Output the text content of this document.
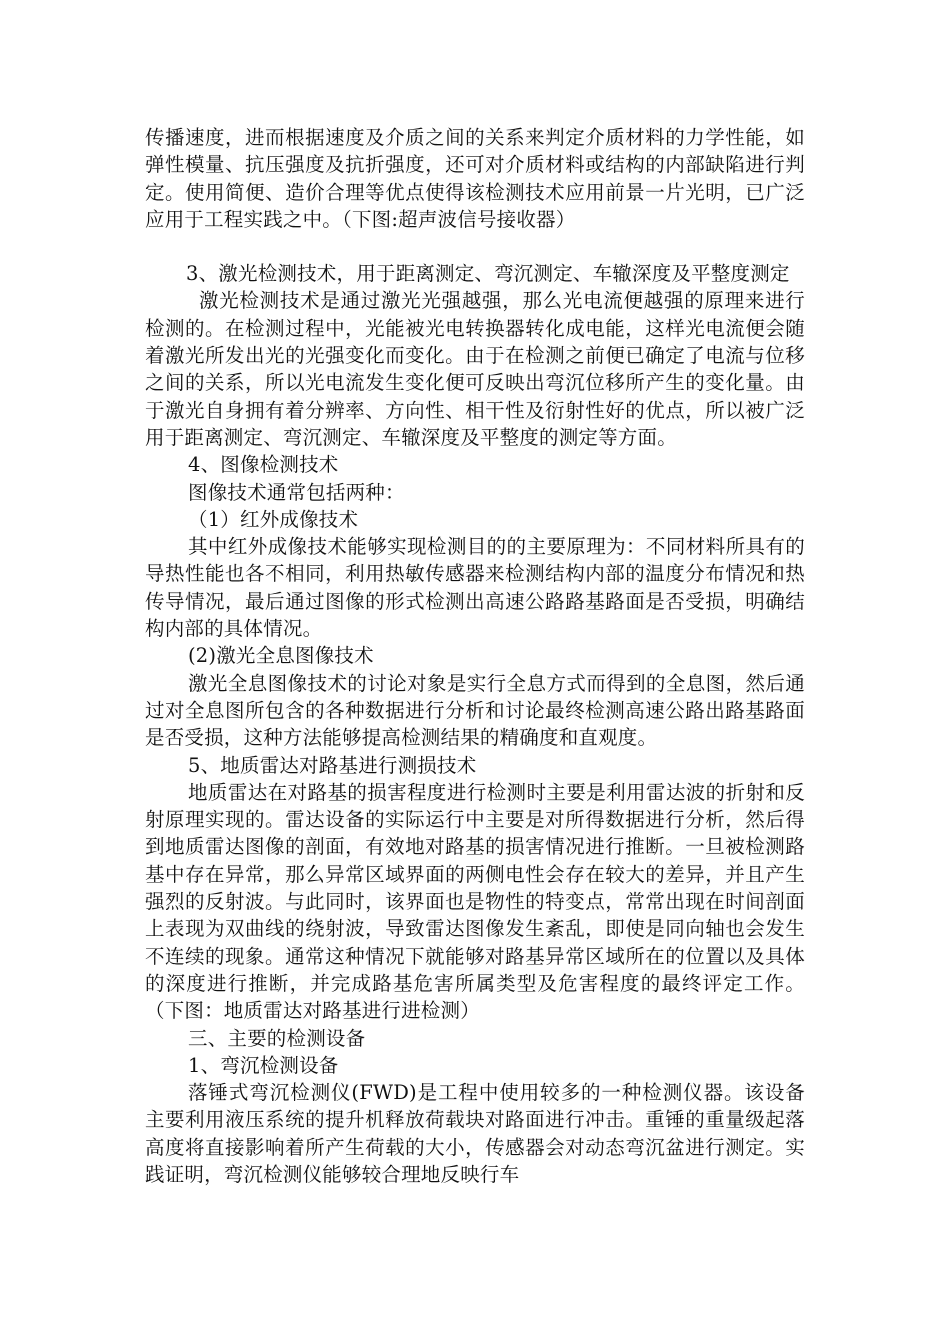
传播速度，进而根据速度及介质之间的关系来判定介质材料的力学性能，如弹性模量、抗压强度及抗折强度，还可对介质材料或结构的内部缺陷进行判定。使用简便、造价合理等优点使得该检测技术应用前景一片光明，已广泛应用于工程实践之中。（下图:超声波信号接收器）

3、激光检测技术，用于距离测定、弯沉测定、车辙深度及平整度测定

激光检测技术是通过激光光强越强，那么光电流便越强的原理来进行检测的。在检测过程中，光能被光电转换器转化成电能，这样光电流便会随着激光所发出光的光强变化而变化。由于在检测之前便已确定了电流与位移之间的关系，所以光电流发生变化便可反映出弯沉位移所产生的变化量。由于激光自身拥有着分辨率、方向性、相干性及衍射性好的优点，所以被广泛用于距离测定、弯沉测定、车辙深度及平整度的测定等方面。

4、图像检测技术

图像技术通常包括两种：

（1）红外成像技术

其中红外成像技术能够实现检测目的的主要原理为：不同材料所具有的导热性能也各不相同，利用热敏传感器来检测结构内部的温度分布情况和热传导情况，最后通过图像的形式检测出高速公路路基路面是否受损，明确结构内部的具体情况。

(2)激光全息图像技术

激光全息图像技术的讨论对象是实行全息方式而得到的全息图，然后通过对全息图所包含的各种数据进行分析和讨论最终检测高速公路出路基路面是否受损，这种方法能够提高检测结果的精确度和直观度。

5、地质雷达对路基进行测损技术

地质雷达在对路基的损害程度进行检测时主要是利用雷达波的折射和反射原理实现的。雷达设备的实际运行中主要是对所得数据进行分析，然后得到地质雷达图像的剖面，有效地对路基的损害情况进行推断。一旦被检测路基中存在异常，那么异常区域界面的两侧电性会存在较大的差异，并且产生强烈的反射波。与此同时，该界面也是物性的特变点，常常出现在时间剖面上表现为双曲线的绕射波，导致雷达图像发生紊乱，即使是同向轴也会发生不连续的现象。通常这种情况下就能够对路基异常区域所在的位置以及具体的深度进行推断，并完成路基危害所属类型及危害程度的最终评定工作。（下图：地质雷达对路基进行进检测）

三、主要的检测设备

1、弯沉检测设备

落锤式弯沉检测仪(FWD)是工程中使用较多的一种检测仪器。该设备主要利用液压系统的提升机释放荷载块对路面进行冲击。重锤的重量级起落高度将直接影响着所产生荷载的大小，传感器会对动态弯沉盆进行测定。实践证明，弯沉检测仪能够较合理地反映行车
